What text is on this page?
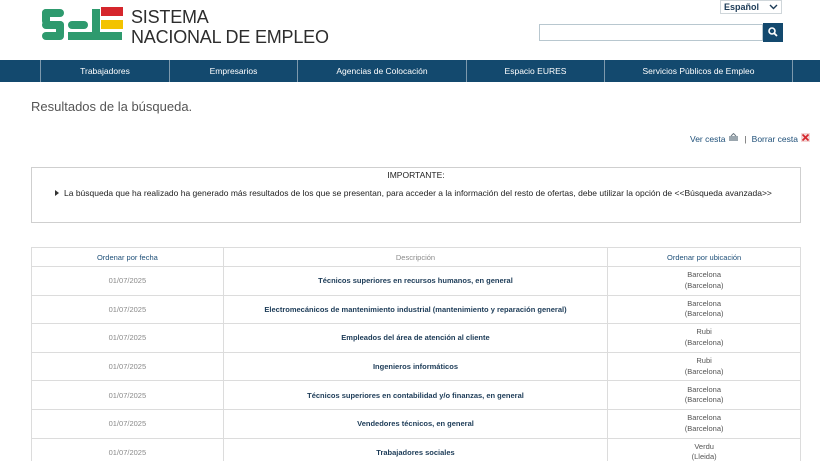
SISTEMA
NACIONAL DE EMPLEO
Español
Trabajadores	Empresarios	Agencias de Colocación	Espacio EURES	Servicios Públicos de Empleo
Resultados de la búsqueda.
Ver cesta | Borrar cesta
IMPORTANTE:
La búsqueda que ha realizado ha generado más resultados de los que se presentan, para acceder a la información del resto de ofertas, debe utilizar la opción de <<Búsqueda avanzada>>
Ordenar por fecha	Descripción	Ordenar por ubicación
01/07/2025	Técnicos superiores en recursos humanos, en general	Barcelona
(Barcelona)

01/07/2025	Electromecánicos de mantenimiento industrial (mantenimiento y reparación general)	Barcelona
(Barcelona)

01/07/2025	Empleados del área de atención al cliente	Rubi
(Barcelona)

01/07/2025	Ingenieros informáticos	Rubi
(Barcelona)

01/07/2025	Técnicos superiores en contabilidad y/o finanzas, en general	Barcelona
(Barcelona)

01/07/2025	Vendedores técnicos, en general	Barcelona
(Barcelona)

01/07/2025	Trabajadores sociales	Verdu
(Lleida)
